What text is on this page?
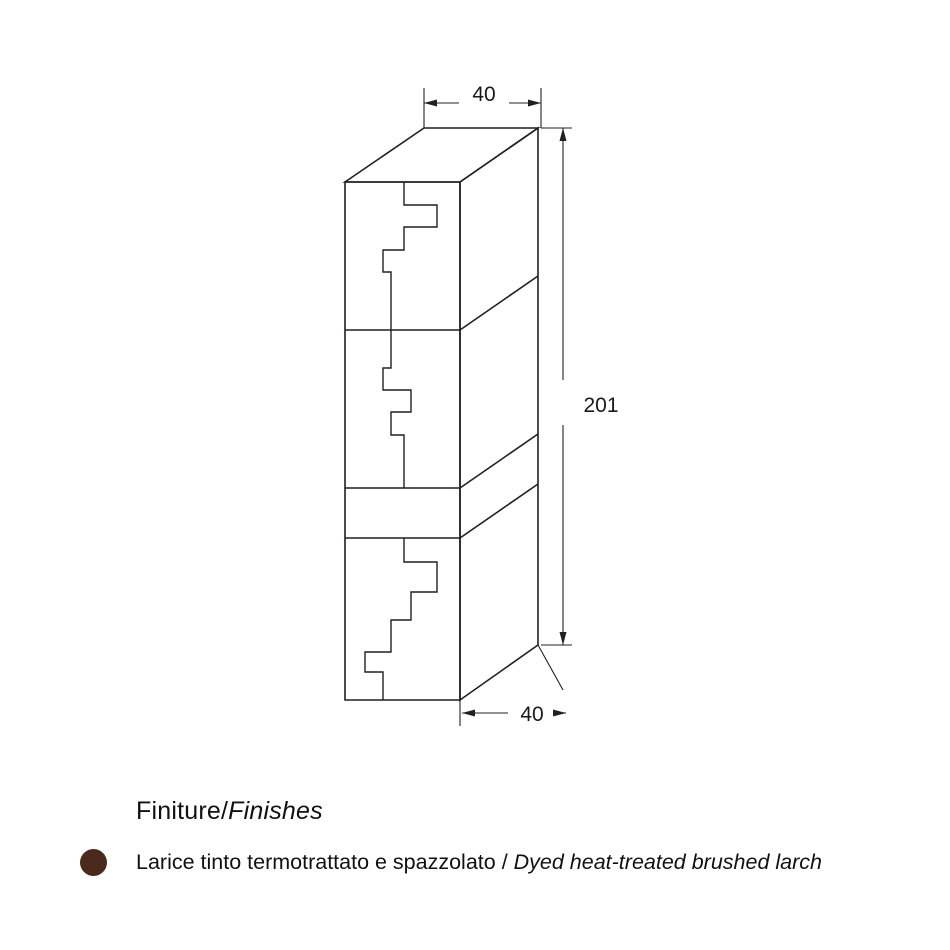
40
201
40
Finiture/Finishes
Larice tinto termotrattato e spazzolato / Dyed heat-treated brushed larch
